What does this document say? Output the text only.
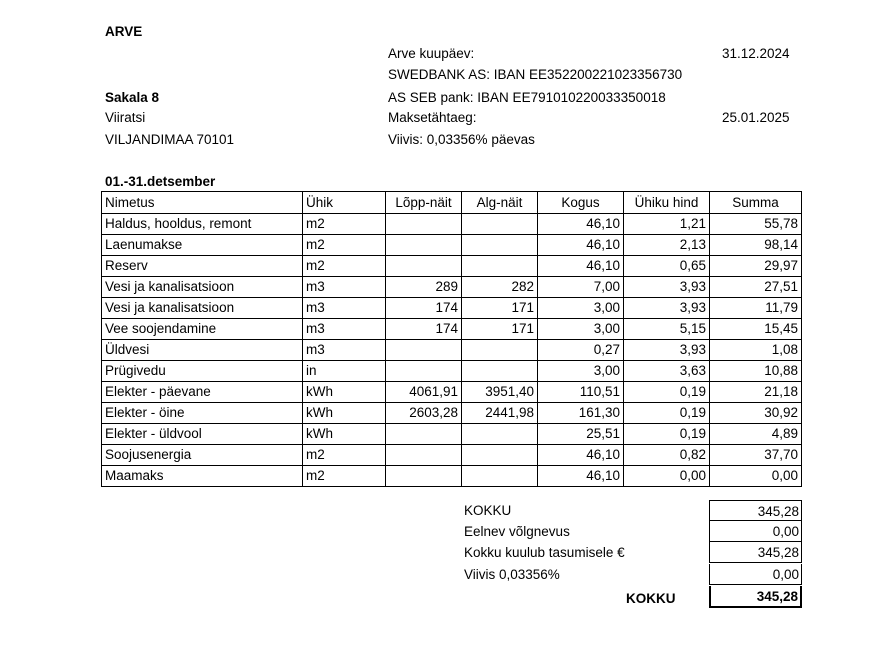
ARVE
Arve kuupäev:	31.12.2024
SWEDBANK AS: IBAN EE352200221023356730
Sakala 8	AS SEB pank: IBAN EE791010220033350018
Viiratsi	Maksetähtaeg:	25.01.2025
VILJANDIMAA 70101	Viivis: 0,03356% päevas
01.-31.detsember
Nimetus	Ühik	Lõpp-näit	Alg-näit	Kogus	Ühiku hind	Summa
Haldus, hooldus, remont	m2			46,10	1,21	55,78
Laenumakse	m2			46,10	2,13	98,14
Reserv	m2			46,10	0,65	29,97
Vesi ja kanalisatsioon	m3	289	282	7,00	3,93	27,51
Vesi ja kanalisatsioon	m3	174	171	3,00	3,93	11,79
Vee soojendamine	m3	174	171	3,00	5,15	15,45
Üldvesi	m3			0,27	3,93	1,08
Prügivedu	in			3,00	3,63	10,88
Elekter - päevane	kWh	4061,91	3951,40	110,51	0,19	21,18
Elekter - öine	kWh	2603,28	2441,98	161,30	0,19	30,92
Elekter - üldvool	kWh			25,51	0,19	4,89
Soojusenergia	m2			46,10	0,82	37,70
Maamaks	m2			46,10	0,00	0,00
KOKKU	345,28
Eelnev võlgnevus	0,00
Kokku kuulub tasumisele €	345,28
Viivis 0,03356%	0,00
KOKKU	345,28
